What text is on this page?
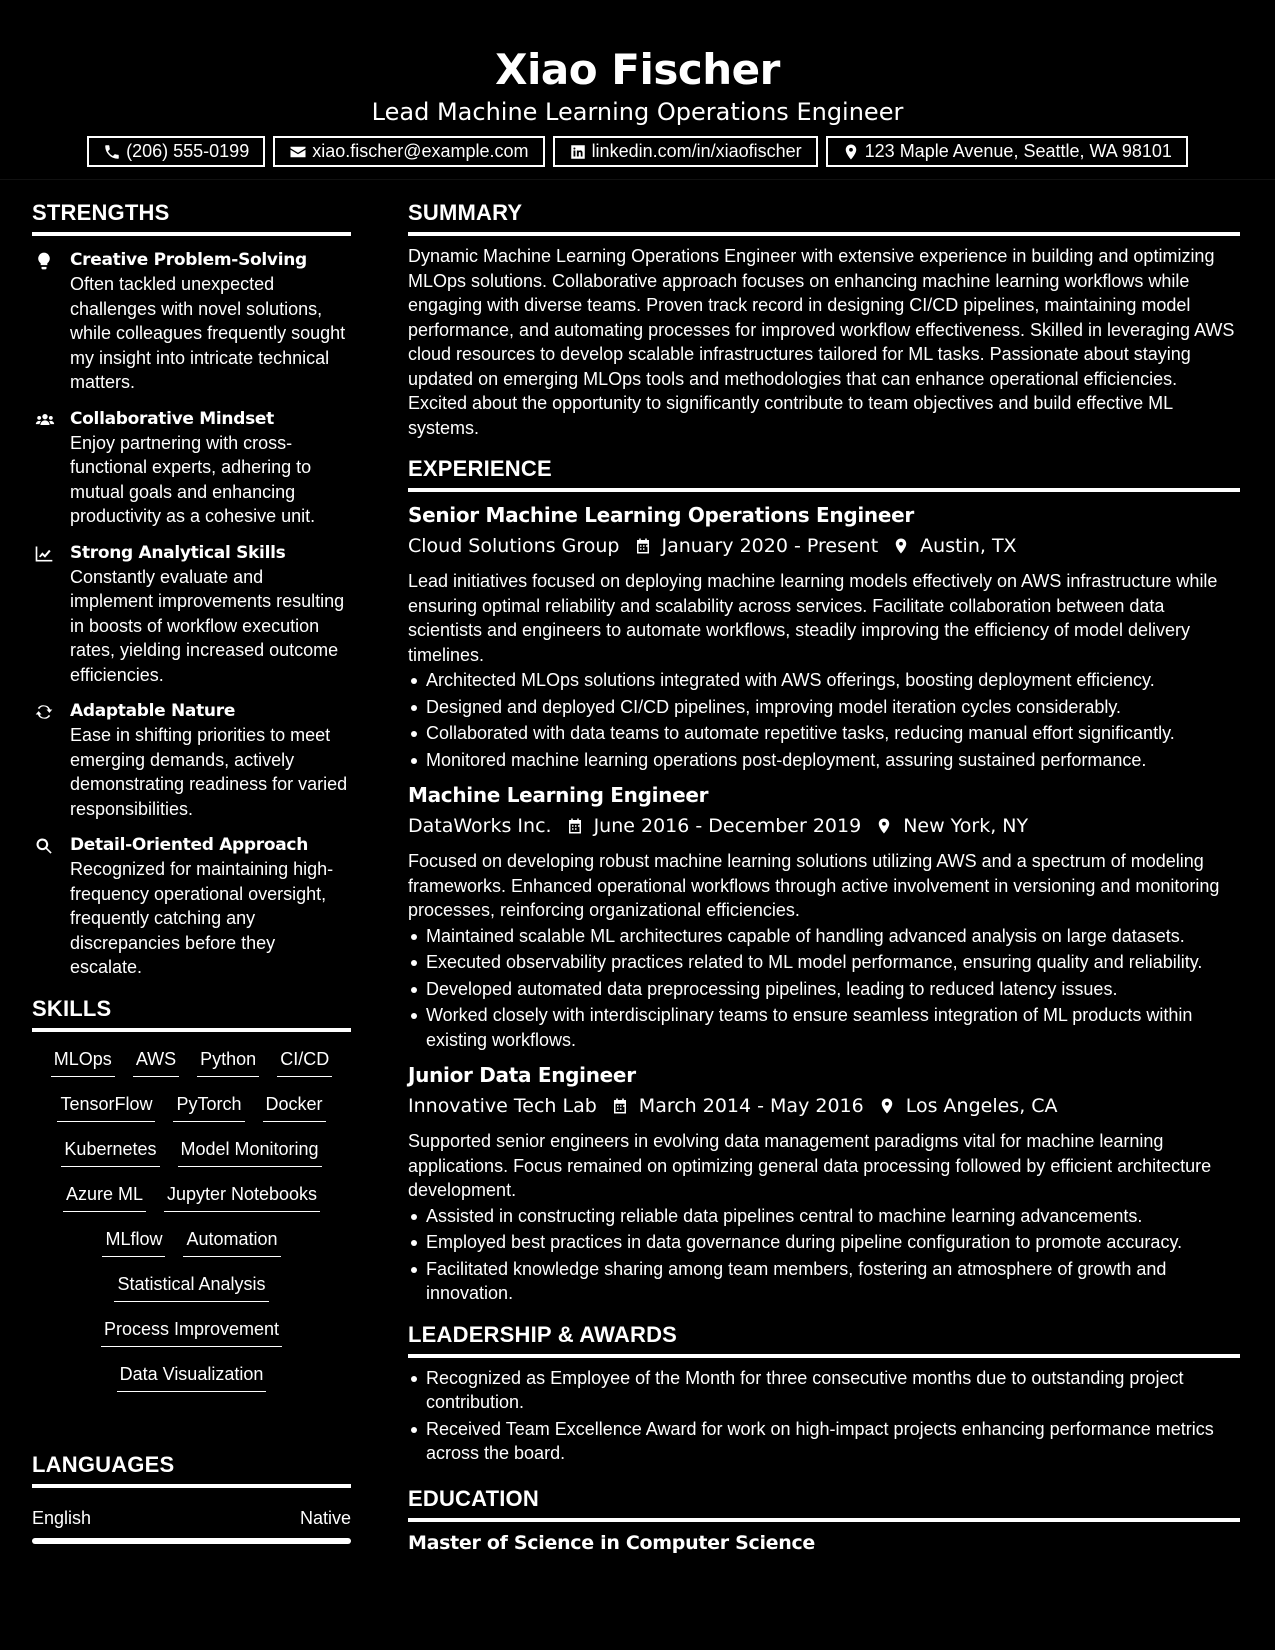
Xiao Fischer
Lead Machine Learning Operations Engineer
(206) 555-0199	xiao.fischer@example.com	linkedin.com/in/xiaofischer	123 Maple Avenue, Seattle, WA 98101
STRENGTHS
Creative Problem-Solving
Often tackled unexpected challenges with novel solutions, while colleagues frequently sought my insight into intricate technical matters.
Collaborative Mindset
Enjoy partnering with cross-functional experts, adhering to mutual goals and enhancing productivity as a cohesive unit.
Strong Analytical Skills
Constantly evaluate and implement improvements resulting in boosts of workflow execution rates, yielding increased outcome efficiencies.
Adaptable Nature
Ease in shifting priorities to meet emerging demands, actively demonstrating readiness for varied responsibilities.
Detail-Oriented Approach
Recognized for maintaining high-frequency operational oversight, frequently catching any discrepancies before they escalate.
SKILLS
MLOps AWS Python CI/CD
TensorFlow PyTorch Docker
Kubernetes Model Monitoring
Azure ML Jupyter Notebooks
MLflow Automation
Statistical Analysis
Process Improvement
Data Visualization
LANGUAGES
English	Native
SUMMARY
Dynamic Machine Learning Operations Engineer with extensive experience in building and optimizing MLOps solutions. Collaborative approach focuses on enhancing machine learning workflows while engaging with diverse teams. Proven track record in designing CI/CD pipelines, maintaining model performance, and automating processes for improved workflow effectiveness. Skilled in leveraging AWS cloud resources to develop scalable infrastructures tailored for ML tasks. Passionate about staying updated on emerging MLOps tools and methodologies that can enhance operational efficiencies. Excited about the opportunity to significantly contribute to team objectives and build effective ML systems.
EXPERIENCE
Senior Machine Learning Operations Engineer
Cloud Solutions Group January 2020 - Present Austin, TX
Lead initiatives focused on deploying machine learning models effectively on AWS infrastructure while ensuring optimal reliability and scalability across services. Facilitate collaboration between data scientists and engineers to automate workflows, steadily improving the efficiency of model delivery timelines.
Architected MLOps solutions integrated with AWS offerings, boosting deployment efficiency.
Designed and deployed CI/CD pipelines, improving model iteration cycles considerably.
Collaborated with data teams to automate repetitive tasks, reducing manual effort significantly.
Monitored machine learning operations post-deployment, assuring sustained performance.
Machine Learning Engineer
DataWorks Inc. June 2016 - December 2019 New York, NY
Focused on developing robust machine learning solutions utilizing AWS and a spectrum of modeling frameworks. Enhanced operational workflows through active involvement in versioning and monitoring processes, reinforcing organizational efficiencies.
Maintained scalable ML architectures capable of handling advanced analysis on large datasets.
Executed observability practices related to ML model performance, ensuring quality and reliability.
Developed automated data preprocessing pipelines, leading to reduced latency issues.
Worked closely with interdisciplinary teams to ensure seamless integration of ML products within existing workflows.
Junior Data Engineer
Innovative Tech Lab March 2014 - May 2016 Los Angeles, CA
Supported senior engineers in evolving data management paradigms vital for machine learning applications. Focus remained on optimizing general data processing followed by efficient architecture development.
Assisted in constructing reliable data pipelines central to machine learning advancements.
Employed best practices in data governance during pipeline configuration to promote accuracy.
Facilitated knowledge sharing among team members, fostering an atmosphere of growth and innovation.
LEADERSHIP & AWARDS
Recognized as Employee of the Month for three consecutive months due to outstanding project contribution.
Received Team Excellence Award for work on high-impact projects enhancing performance metrics across the board.
EDUCATION
Master of Science in Computer Science
